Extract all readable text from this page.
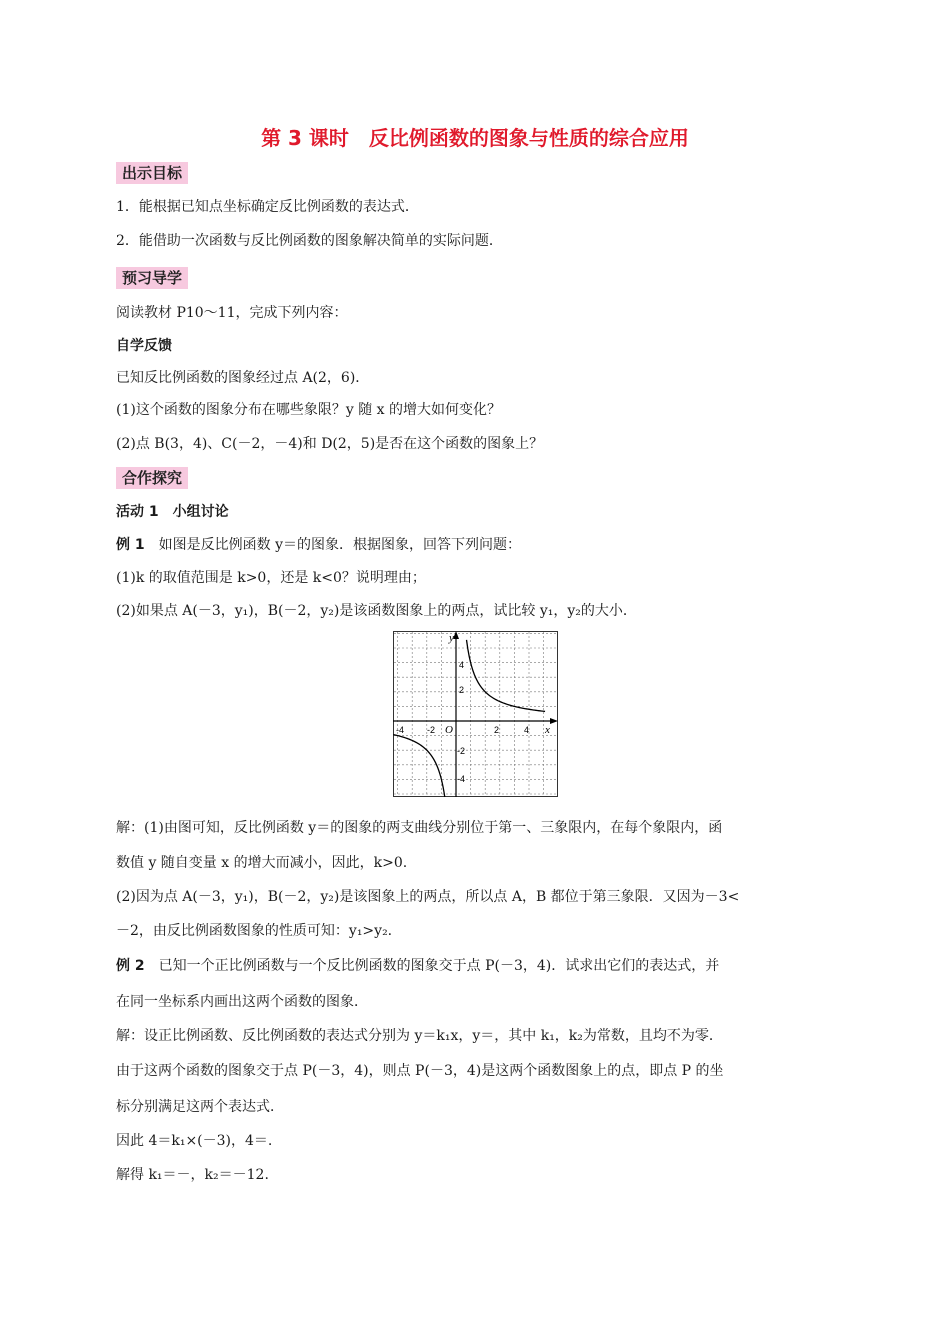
第 3 课时　反比例函数的图象与性质的综合应用
出示目标
1．能根据已知点坐标确定反比例函数的表达式．
2．能借助一次函数与反比例函数的图象解决简单的实际问题．
预习导学
阅读教材 P10～11，完成下列内容：
自学反馈
已知反比例函数的图象经过点 A(2，6)．
(1)这个函数的图象分布在哪些象限？y 随 x 的增大如何变化？
(2)点 B(3，4)、C(－2，－4)和 D(2，5)是否在这个函数的图象上？
合作探究
活动 1　小组讨论
例 1　如图是反比例函数 y＝的图象．根据图象，回答下列问题：
(1)k 的取值范围是 k>0，还是 k<0？说明理由；
(2)如果点 A(－3，y₁)，B(－2，y₂)是该函数图象上的两点，试比较 y₁，y₂的大小．
x
y
O
-4	-2	2	4
4
2
-2
-4
解：(1)由图可知，反比例函数 y＝的图象的两支曲线分别位于第一、三象限内，在每个象限内，函
数值 y 随自变量 x 的增大而减小，因此，k>0.
(2)因为点 A(－3，y₁)，B(－2，y₂)是该图象上的两点，所以点 A，B 都位于第三象限．又因为－3<
－2，由反比例函数图象的性质可知：y₁>y₂.
例 2　已知一个正比例函数与一个反比例函数的图象交于点 P(－3，4)．试求出它们的表达式，并
在同一坐标系内画出这两个函数的图象．
解：设正比例函数、反比例函数的表达式分别为 y＝k₁x，y＝，其中 k₁，k₂为常数，且均不为零．
由于这两个函数的图象交于点 P(－3，4)，则点 P(－3，4)是这两个函数图象上的点，即点 P 的坐
标分别满足这两个表达式．
因此 4＝k₁×(－3)，4＝.
解得 k₁＝－，k₂＝－12.
